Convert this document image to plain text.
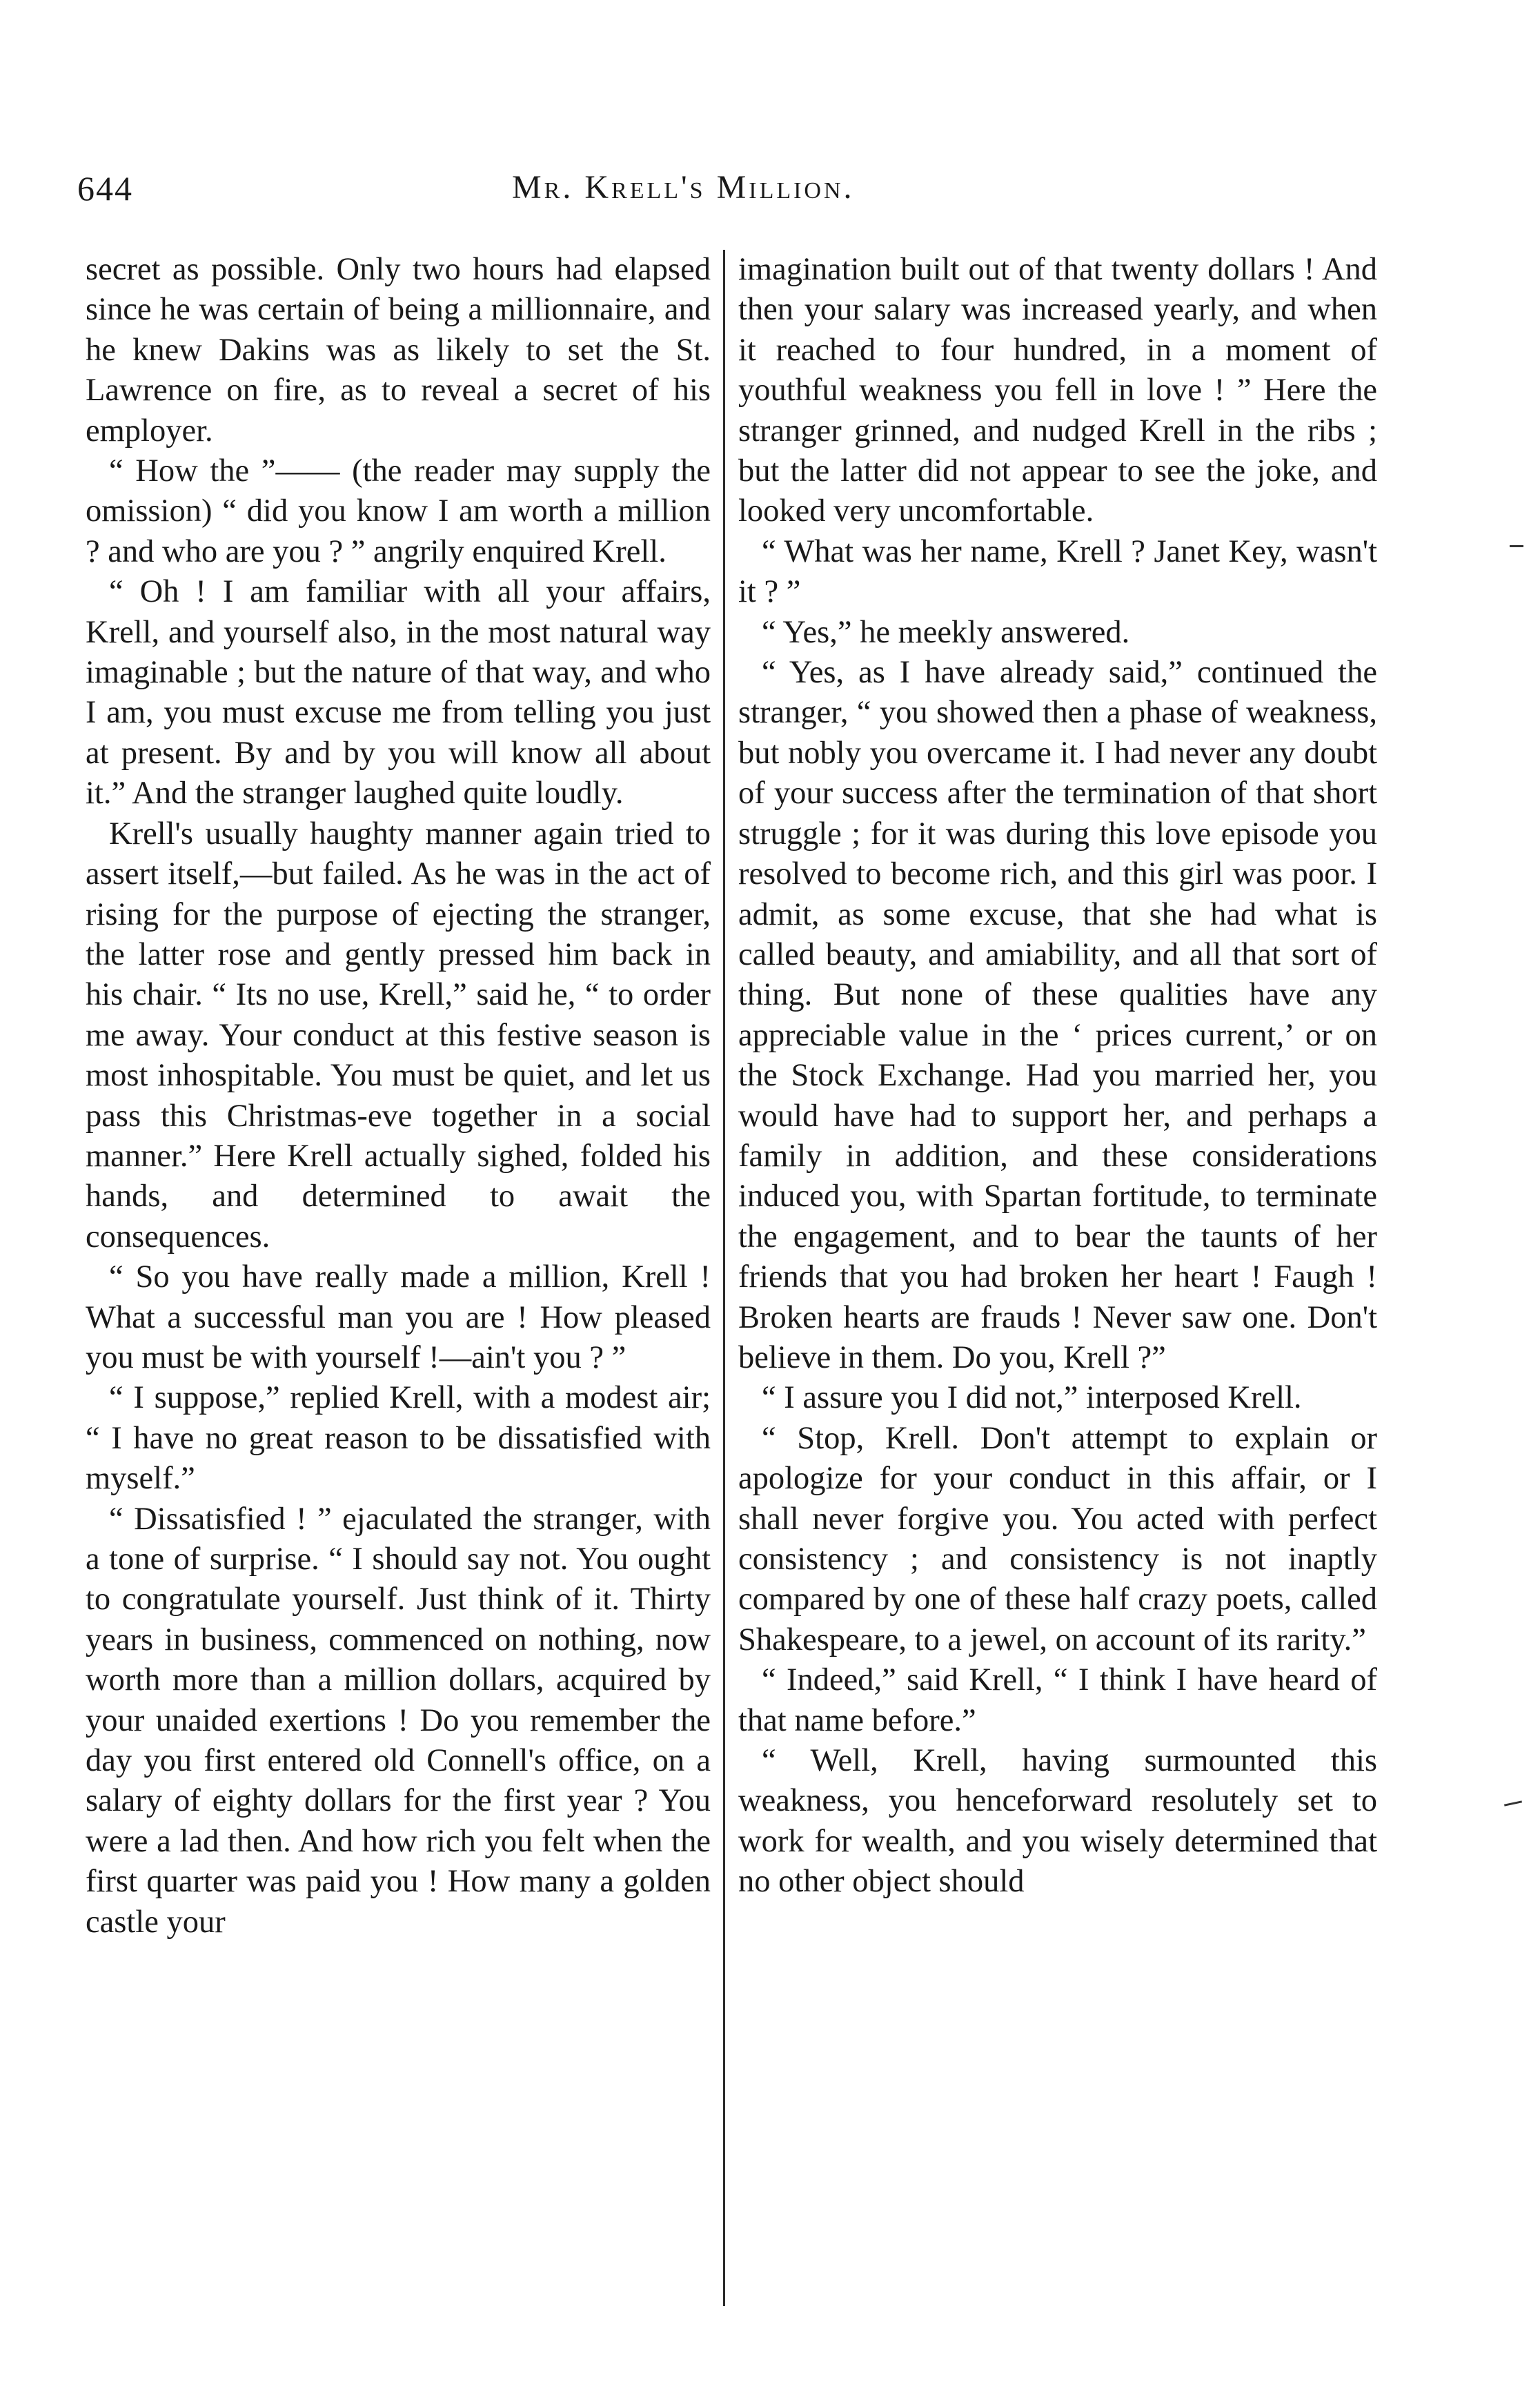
644	Mr. Krell's Million.

secret as possible. Only two hours had elapsed since he was certain of being a millionnaire, and he knew Dakins was as likely to set the St. Lawrence on fire, as to reveal a secret of his employer.

“ How the ”—— (the reader may supply the omission) “ did you know I am worth a million ? and who are you ? ” angrily enquired Krell.

“ Oh ! I am familiar with all your affairs, Krell, and yourself also, in the most natural way imaginable ; but the nature of that way, and who I am, you must excuse me from telling you just at present. By and by you will know all about it.” And the stranger laughed quite loudly.

Krell's usually haughty manner again tried to assert itself,—but failed. As he was in the act of rising for the purpose of ejecting the stranger, the latter rose and gently pressed him back in his chair. “ Its no use, Krell,” said he, “ to order me away. Your conduct at this festive season is most inhospitable. You must be quiet, and let us pass this Christmas-eve together in a social manner.” Here Krell actually sighed, folded his hands, and determined to await the consequences.

“ So you have really made a million, Krell ! What a successful man you are ! How pleased you must be with yourself !—ain't you ? ”

“ I suppose,” replied Krell, with a modest air; “ I have no great reason to be dissatisfied with myself.”

“ Dissatisfied ! ” ejaculated the stranger, with a tone of surprise. “ I should say not. You ought to congratulate yourself. Just think of it. Thirty years in business, commenced on nothing, now worth more than a million dollars, acquired by your unaided exertions ! Do you remember the day you first entered old Connell's office, on a salary of eighty dollars for the first year ? You were a lad then. And how rich you felt when the first quarter was paid you ! How many a golden castle your

imagination built out of that twenty dollars ! And then your salary was increased yearly, and when it reached to four hundred, in a moment of youthful weakness you fell in love ! ” Here the stranger grinned, and nudged Krell in the ribs ; but the latter did not appear to see the joke, and looked very uncomfortable.

“ What was her name, Krell ? Janet Key, wasn't it ? ”

“ Yes,” he meekly answered.

“ Yes, as I have already said,” continued the stranger, “ you showed then a phase of weakness, but nobly you overcame it. I had never any doubt of your success after the termination of that short struggle ; for it was during this love episode you resolved to become rich, and this girl was poor. I admit, as some excuse, that she had what is called beauty, and amiability, and all that sort of thing. But none of these qualities have any appreciable value in the ‘ prices current,’ or on the Stock Exchange. Had you married her, you would have had to support her, and perhaps a family in addition, and these considerations induced you, with Spartan fortitude, to terminate the engagement, and to bear the taunts of her friends that you had broken her heart ! Faugh ! Broken hearts are frauds ! Never saw one. Don't believe in them. Do you, Krell ?”

“ I assure you I did not,” interposed Krell.

“ Stop, Krell. Don't attempt to explain or apologize for your conduct in this affair, or I shall never forgive you. You acted with perfect consistency ; and consistency is not inaptly compared by one of these half crazy poets, called Shakespeare, to a jewel, on account of its rarity.”

“ Indeed,” said Krell, “ I think I have heard of that name before.”

“ Well, Krell, having surmounted this weakness, you henceforward resolutely set to work for wealth, and you wisely determined that no other object should
